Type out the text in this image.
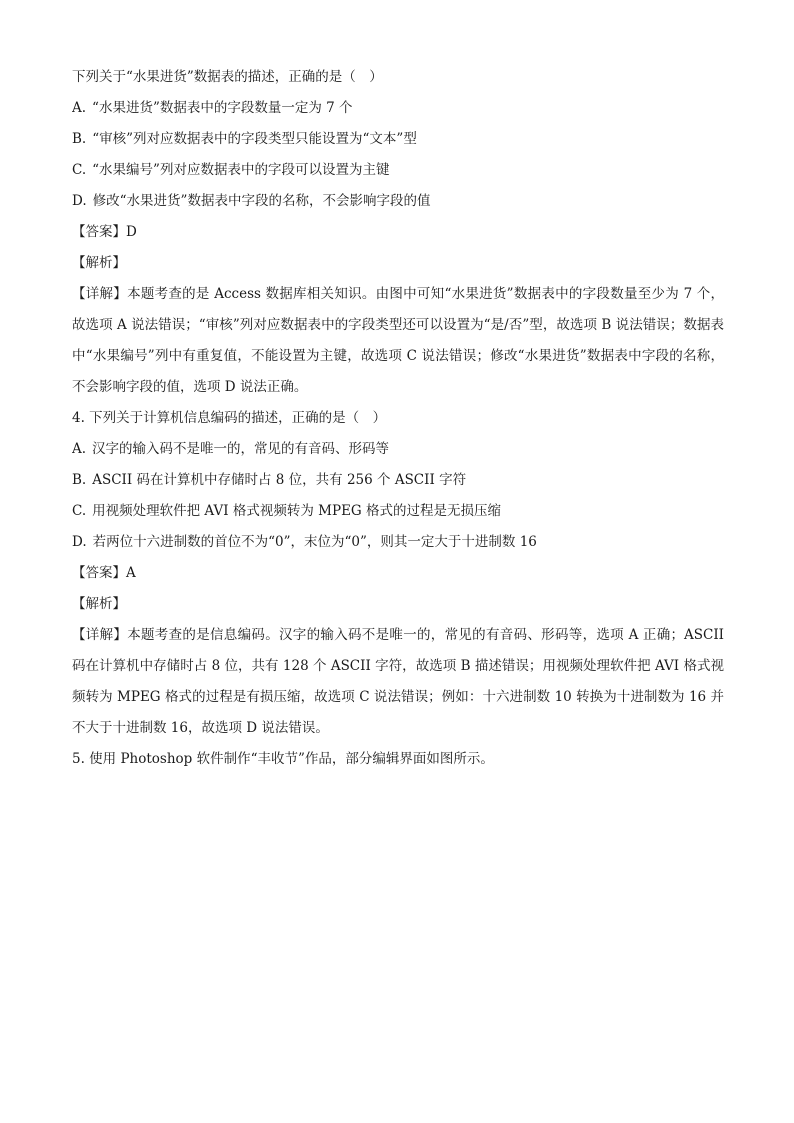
下列关于“水果进货”数据表的描述，正确的是（　）
A. “水果进货”数据表中的字段数量一定为 7 个
B. “审核”列对应数据表中的字段类型只能设置为“文本”型
C. “水果编号”列对应数据表中的字段可以设置为主键
D. 修改“水果进货”数据表中字段的名称，不会影响字段的值
【答案】D
【解析】
【详解】本题考查的是 Access 数据库相关知识。由图中可知“水果进货”数据表中的字段数量至少为 7 个，故选项 A 说法错误；“审核”列对应数据表中的字段类型还可以设置为“是/否”型，故选项 B 说法错误；数据表中“水果编号”列中有重复值，不能设置为主键，故选项 C 说法错误；修改“水果进货”数据表中字段的名称，不会影响字段的值，选项 D 说法正确。
4. 下列关于计算机信息编码的描述，正确的是（　）
A. 汉字的输入码不是唯一的，常见的有音码、形码等
B. ASCII 码在计算机中存储时占 8 位，共有 256 个 ASCII 字符
C. 用视频处理软件把 AVI 格式视频转为 MPEG 格式的过程是无损压缩
D. 若两位十六进制数的首位不为“0”，末位为“0”，则其一定大于十进制数 16
【答案】A
【解析】
【详解】本题考查的是信息编码。汉字的输入码不是唯一的，常见的有音码、形码等，选项 A 正确；ASCII 码在计算机中存储时占 8 位，共有 128 个 ASCII 字符，故选项 B 描述错误；用视频处理软件把 AVI 格式视频转为 MPEG 格式的过程是有损压缩，故选项 C 说法错误；例如：十六进制数 10 转换为十进制数为 16 并不大于十进制数 16，故选项 D 说法错误。
5. 使用 Photoshop 软件制作“丰收节”作品，部分编辑界面如图所示。
